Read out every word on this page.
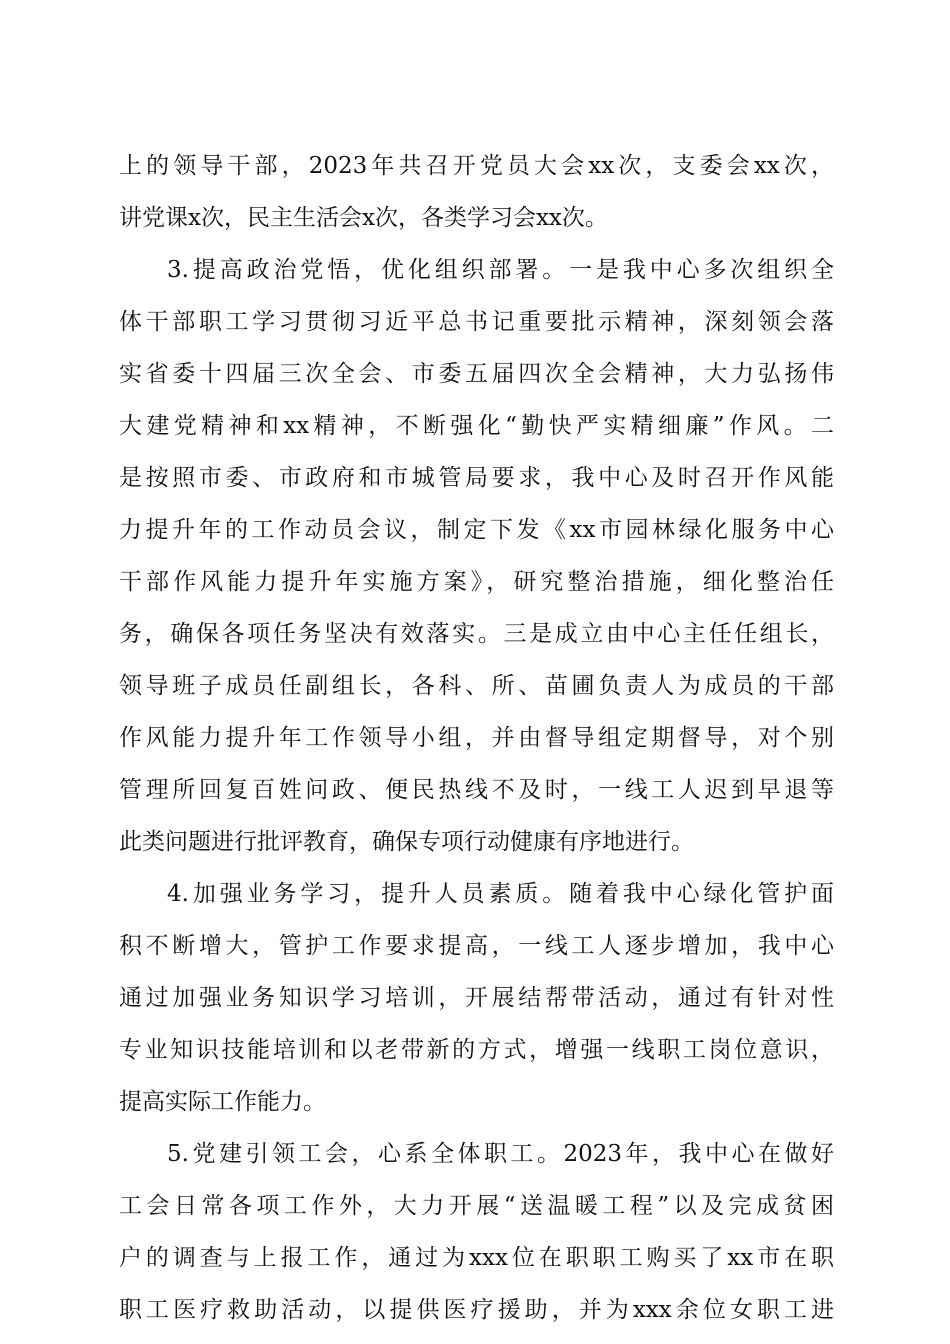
上的领导干部，2023年共召开党员大会xx次，支委会xx次，
讲党课x次，民主生活会x次，各类学习会xx次。
3.提高政治党悟，优化组织部署。一是我中心多次组织全
体干部职工学习贯彻习近平总书记重要批示精神，深刻领会落
实省委十四届三次全会、市委五届四次全会精神，大力弘扬伟
大建党精神和xx精神，不断强化“勤快严实精细廉”作风。二
是按照市委、市政府和市城管局要求，我中心及时召开作风能
力提升年的工作动员会议，制定下发《xx市园林绿化服务中心
干部作风能力提升年实施方案》，研究整治措施，细化整治任
务，确保各项任务坚决有效落实。三是成立由中心主任任组长，
领导班子成员任副组长，各科、所、苗圃负责人为成员的干部
作风能力提升年工作领导小组，并由督导组定期督导，对个别
管理所回复百姓问政、便民热线不及时，一线工人迟到早退等
此类问题进行批评教育，确保专项行动健康有序地进行。
4.加强业务学习，提升人员素质。随着我中心绿化管护面
积不断增大，管护工作要求提高，一线工人逐步增加，我中心
通过加强业务知识学习培训，开展结帮带活动，通过有针对性
专业知识技能培训和以老带新的方式，增强一线职工岗位意识，
提高实际工作能力。
5.党建引领工会，心系全体职工。2023年，我中心在做好
工会日常各项工作外，大力开展“送温暖工程”以及完成贫困
户的调查与上报工作，通过为xxx位在职职工购买了xx市在职
职工医疗救助活动，以提供医疗援助，并为xxx余位女职工进
